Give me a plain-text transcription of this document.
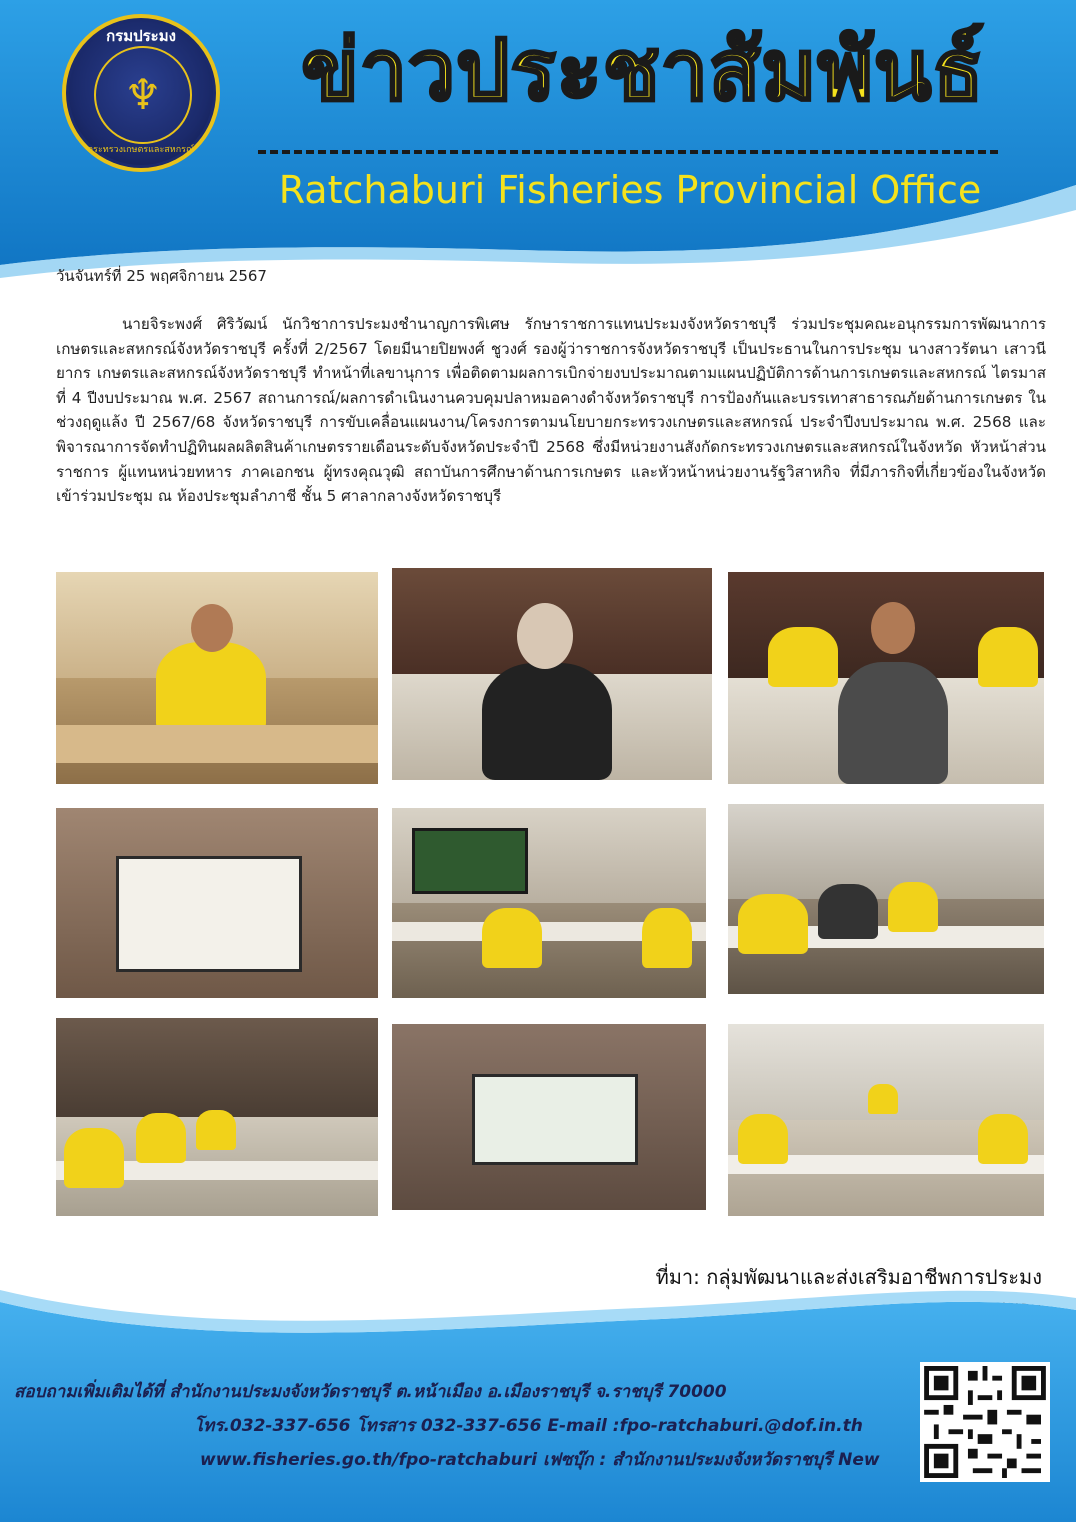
กรมประมง
♆
กระทรวงเกษตรและสหกรณ์
ข่าวประชาสัมพันธ์
Ratchaburi Fisheries Provincial Office
วันจันทร์ที่ 25 พฤศจิกายน 2567

นายจิระพงศ์ ศิริวัฒน์ นักวิชาการประมงชำนาญการพิเศษ รักษาราชการแทนประมงจังหวัดราชบุรี ร่วมประชุมคณะอนุกรรมการพัฒนาการเกษตรและสหกรณ์จังหวัดราชบุรี ครั้งที่ 2/2567 โดยมีนายปิยพงศ์ ชูวงศ์ รองผู้ว่าราชการจังหวัดราชบุรี เป็นประธานในการประชุม นางสาวรัตนา เสาวนียากร เกษตรและสหกรณ์จังหวัดราชบุรี ทำหน้าที่เลขานุการ เพื่อติดตามผลการเบิกจ่ายงบประมาณตามแผนปฏิบัติการด้านการเกษตรและสหกรณ์ ไตรมาส ที่ 4 ปีงบประมาณ พ.ศ. 2567 สถานการณ์/ผลการดำเนินงานควบคุมปลาหมอคางดำจังหวัดราชบุรี การป้องกันและบรรเทาสาธารณภัยด้านการเกษตร ในช่วงฤดูแล้ง ปี 2567/68 จังหวัดราชบุรี การขับเคลื่อนแผนงาน/โครงการตามนโยบายกระทรวงเกษตรและสหกรณ์ ประจำปีงบประมาณ พ.ศ. 2568 และพิจารณาการจัดทำปฏิทินผลผลิตสินค้าเกษตรรายเดือนระดับจังหวัดประจำปี 2568 ซึ่งมีหน่วยงานสังกัดกระทรวงเกษตรและสหกรณ์ในจังหวัด หัวหน้าส่วนราชการ ผู้แทนหน่วยทหาร ภาคเอกชน ผู้ทรงคุณวุฒิ สถาบันการศึกษาด้านการเกษตร และหัวหน้าหน่วยงานรัฐวิสาหกิจ ที่มีภารกิจที่เกี่ยวข้องในจังหวัด เข้าร่วมประชุม ณ ห้องประชุมลำภาชี ชั้น 5 ศาลากลางจังหวัดราชบุรี

ที่มา: กลุ่มพัฒนาและส่งเสริมอาชีพการประมง
สอบถามเพิ่มเติมได้ที่ สำนักงานประมงจังหวัดราชบุรี ต.หน้าเมือง อ.เมืองราชบุรี จ.ราชบุรี 70000
โทร.032-337-656 โทรสาร 032-337-656 E-mail :fpo-ratchaburi.@dof.in.th
www.fisheries.go.th/fpo-ratchaburi เฟซบุ๊ก : สำนักงานประมงจังหวัดราชบุรี New
